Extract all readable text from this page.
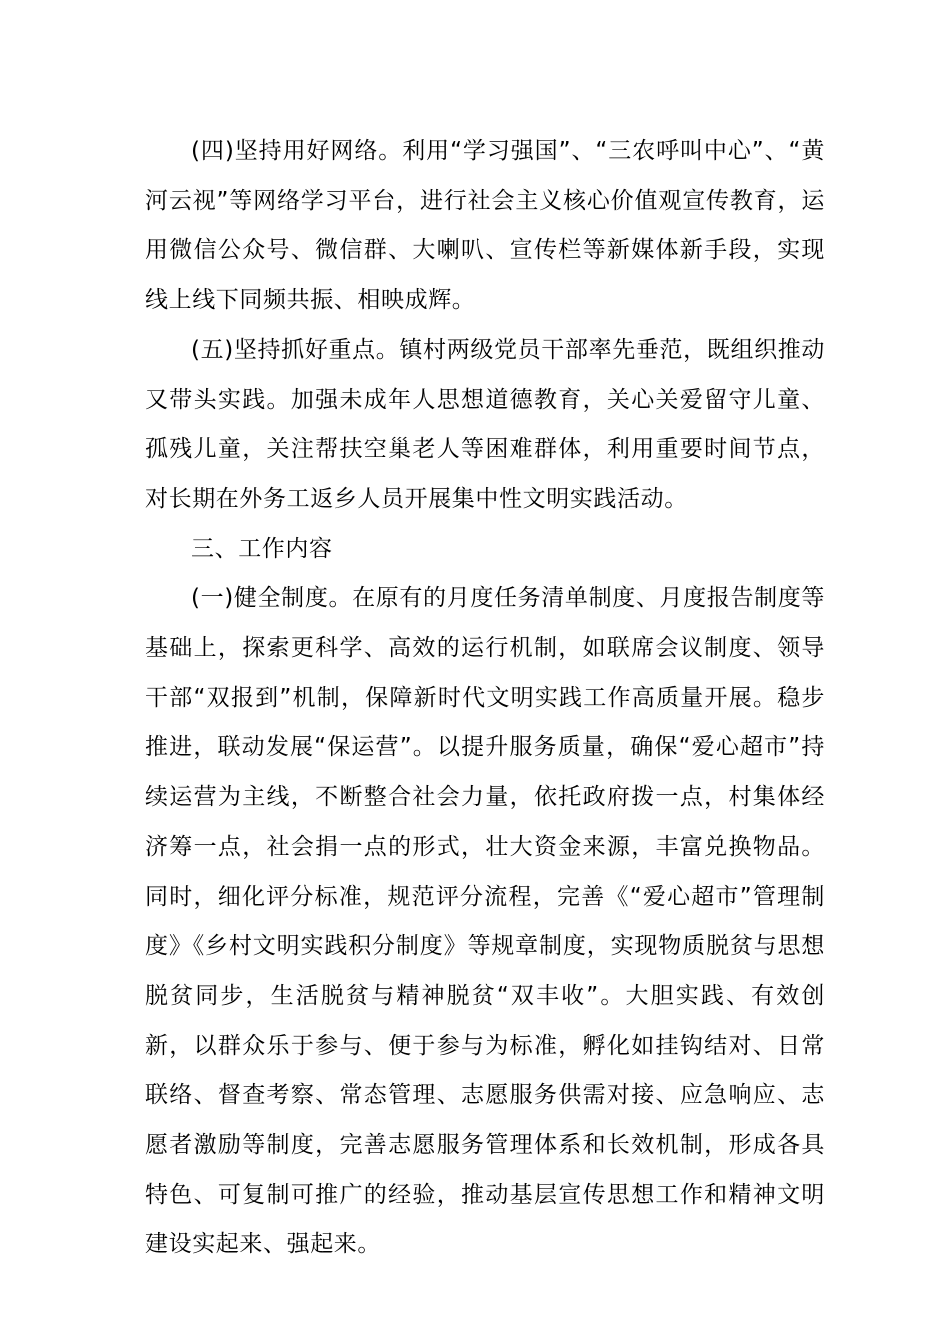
(四)坚持用好网络。利用“学习强国”、“三农呼叫中心”、“黄河云视”等网络学习平台，进行社会主义核心价值观宣传教育，运用微信公众号、微信群、大喇叭、宣传栏等新媒体新手段，实现线上线下同频共振、相映成辉。

(五)坚持抓好重点。镇村两级党员干部率先垂范，既组织推动又带头实践。加强未成年人思想道德教育，关心关爱留守儿童、孤残儿童，关注帮扶空巢老人等困难群体，利用重要时间节点，对长期在外务工返乡人员开展集中性文明实践活动。

三、工作内容

(一)健全制度。在原有的月度任务清单制度、月度报告制度等基础上，探索更科学、高效的运行机制，如联席会议制度、领导干部“双报到”机制，保障新时代文明实践工作高质量开展。稳步推进，联动发展“保运营”。以提升服务质量，确保“爱心超市”持续运营为主线，不断整合社会力量，依托政府拨一点，村集体经济筹一点，社会捐一点的形式，壮大资金来源，丰富兑换物品。同时，细化评分标准，规范评分流程，完善《“爱心超市”管理制度》《乡村文明实践积分制度》等规章制度，实现物质脱贫与思想脱贫同步，生活脱贫与精神脱贫“双丰收”。大胆实践、有效创新，以群众乐于参与、便于参与为标准，孵化如挂钩结对、日常联络、督查考察、常态管理、志愿服务供需对接、应急响应、志愿者激励等制度，完善志愿服务管理体系和长效机制，形成各具特色、可复制可推广的经验，推动基层宣传思想工作和精神文明建设实起来、强起来。
